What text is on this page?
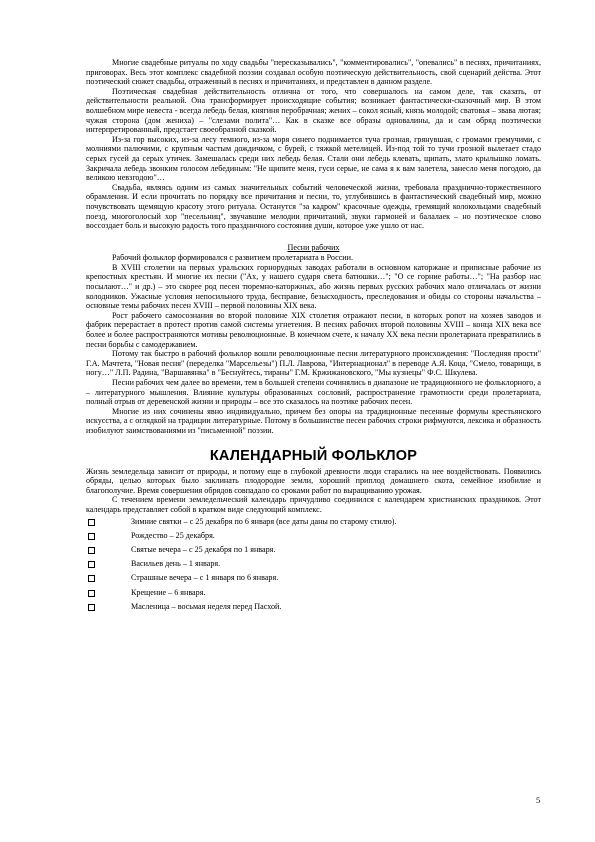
Многие свадебные ритуалы по ходу свадьбы "пересказывались", "комментировались", "опевались" в песнях, причитаниях, приговорах. Весь этот комплекс свадебной поэзии создавал особую поэтическую действительность, свой сценарий действа. Этот поэтический сюжет свадьбы, отраженный в песнях и причитаниях, и представлен в данном разделе.

Поэтическая свадебная действительность отлична от того, что совершалось на самом деле, так сказать, от действительности реальной. Она трансформирует происходящие события; возникает фантастически-сказочный мир. В этом волшебном мире невеста - всегда лебедь белая, княгиня перобрачная; жених – сокол ясный, князь молодой; сватовья – звава лютая; чужая сторона (дом жениха) – "слезами полита"… Как в сказке все образы одновалины, да и сам обряд поэтически интерпретированный, предстает своеобразной сказкой.

Из-за гор высоких, из-за лесу темного, из-за моря синего поднимается туча грозная, грянувшая, с громами гремучими, с молниями палючими, с крупным частым дождичком, с бурей, с тяжкой метелицей. Из-под той то тучи грозной вылетает стадо серых гусей да серых утичек. Замешалась среди них лебедь белая. Стали они лебедь клевать, щипать, злато крылышко ломать. Закричала лебедь звонким голосом лебединым: "Не щипите меня, гуси серые, не сама я к вам залетела, занесло меня погодою, да великою невзгодою"…

Свадьба, являясь одним из самых значительных событий человеческой жизни, требовала празднично-торжественного обрамления. И если прочитать по порядку все причитания и песни, то, углубившись в фантастический свадебный мир, можно почувствовать щемящую красоту этого ритуала. Останутся "за кадром" красочные одежды, гремящий колокольцами свадебный поезд, многоголосый хор "песельниц", звучавшие мелодии причитаний, звуки гармоней и балалаек – но поэтическое слово воссоздает боль и высокую радость того праздничного состояния души, которое уже ушло от нас.

Песни рабочих

Рабочий фольклор формировался с развитием пролетариата в России.

В XVIII столетии на первых уральских горнорудных заводах работали в основном каторжане и приписные рабочие из крепостных крестьян. И многие их песни ("Ах, у нашего сударя света батюшки…"; "О се горние работы…"; "На разбор нас посылают…" и др.) – это скорее род песен тюремно-каторжных, або жизнь первых русских рабочих мало отличалась от жизни колодников. Ужасные условия непосильного труда, бесправие, безысходность, преследования и обиды со стороны начальства – основные темы рабочих песен XVIII – первой половины XIX века.

Рост рабочего самосознания во второй половине XIX столетия отражают песни, в которых ропот на хозяев заводов и фабрик перерастает в протест против самой системы угнетения. В песнях рабочих второй половины XVIII – конца XIX века все более и более распространяются мотивы революционные. В конечном счете, к началу XX века песни пролетариата превратились в песни борьбы с самодержавием.

Потому так быстро в рабочий фольклор вошли революционные песни литературного происхождения: "Последняя прости" Г.А. Мачтета, "Новая песня" (переделка "Марсельезы") П.Л. Лаврова, "Интернационал" в переводе А.Я. Коца, "Смело, товарищи, в ногу…" Л.П. Радина, "Варшавянка" в "Беснуйтесь, тираны" Г.М. Кржижановского, "Мы кузнецы" Ф.С. Шкулева.

Песни рабочих чем далее во времени, тем в большей степени сочинялись в диапазоне не традиционного не фольклорного, а – литературного мышления. Влияние культуры образованных сословий, распространение грамотности среди пролетариата, полный отрыв от деревенской жизни и природы – все это сказалось на поэтике рабочих песен.

Многие из них сочинены явно индивидуально, причем без опоры на традиционные песенные формулы крестьянского искусства, а с оглядкой на традиции литературные. Потому в большинстве песен рабочих строки рифмуются, лексика и образность изобилуют заимствованиями из "письменной" поэзии.

КАЛЕНДАРНЫЙ ФОЛЬКЛОР

Жизнь земледельца зависит от природы, и потому еще в глубокой древности люди старались на нее воздействовать. Появились обряды, целью которых было заклинать плодородие земли, хороший приплод домашнего скота, семейное изобилие и благополучие. Время совершения обрядов совпадало со сроками работ по выращиванию урожая.

С течением времени земледельческий календарь причудливо соединился с календарем христианских праздников. Этот календарь представляет собой в кратком виде следующий комплекс.

Зимние святки – с 25 декабря по 6 января (все даты даны по старому стилю).
Рождество – 25 декабря.
Святые вечера – с 25 декабря по 1 января.
Васильев день – 1 января.
Страшные вечера – с 1 января по 6 января.
Крещение – 6 января.
Масленица – восьмая неделя перед Пасхой.
5
